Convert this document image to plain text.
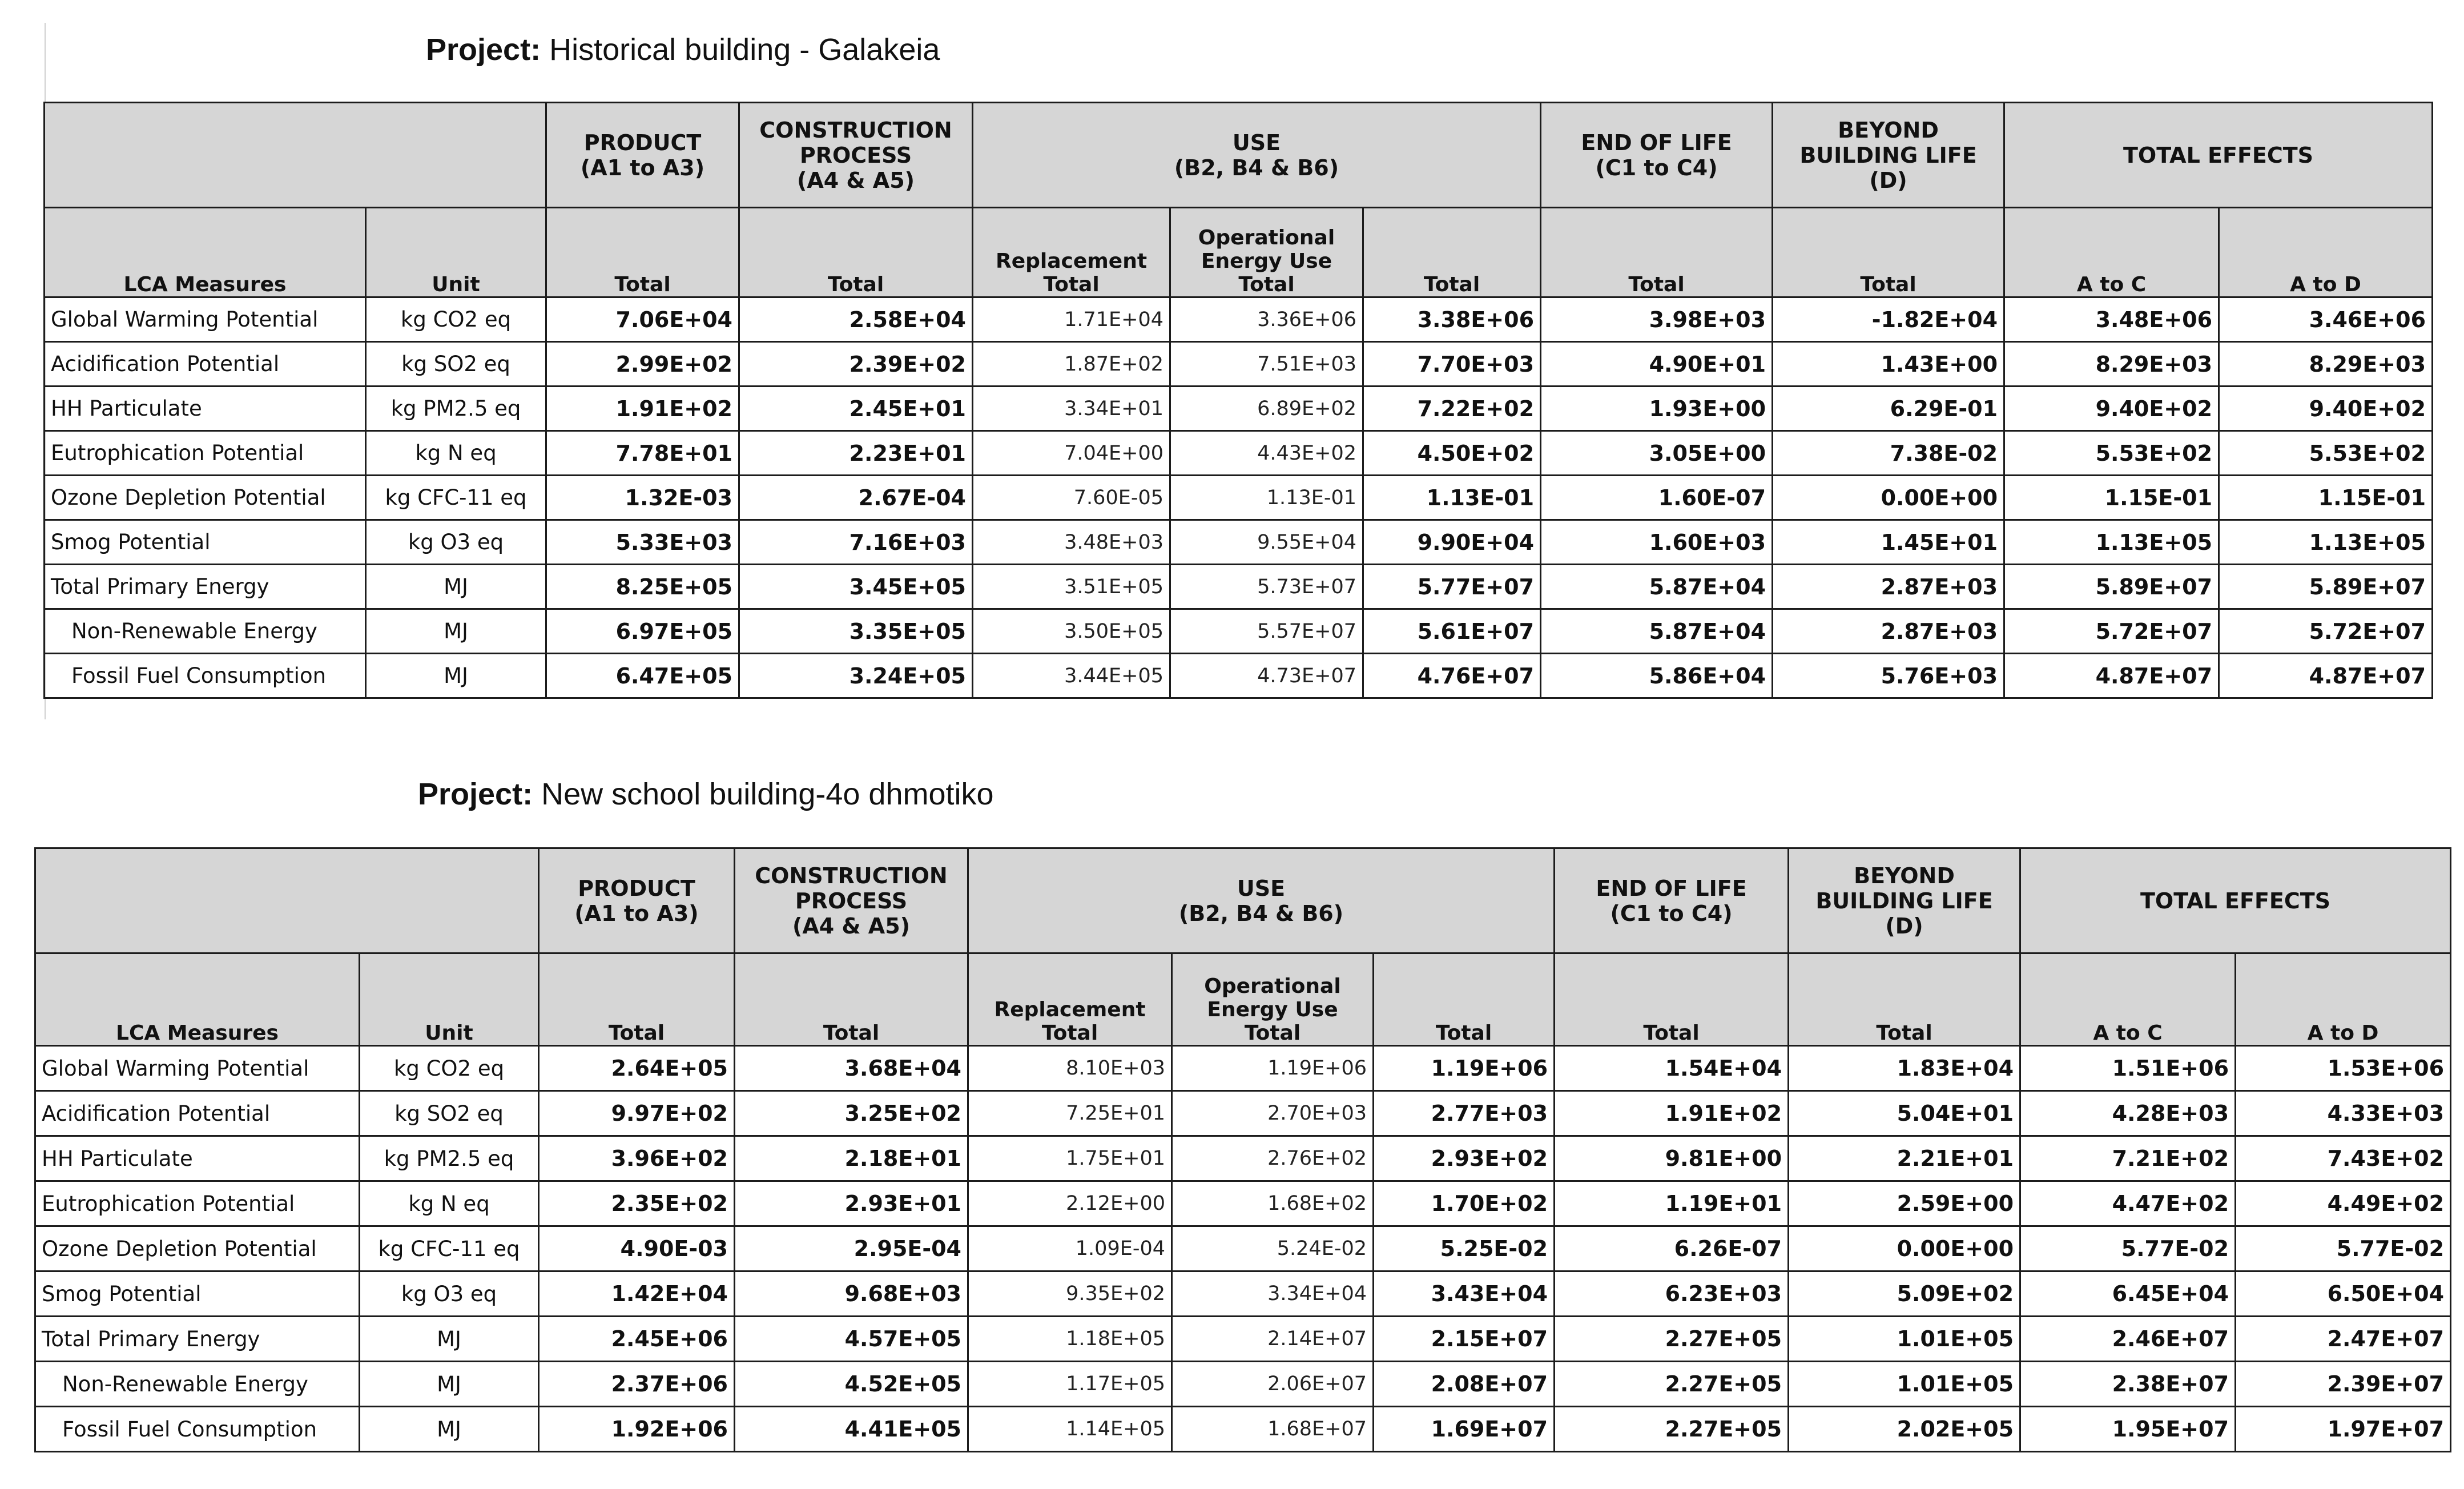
Project: Historical building - Galakeia
		PRODUCT
(A1 to A3)	CONSTRUCTION
PROCESS
(A4 & A5)	USE
(B2, B4 & B6)			END OF LIFE
(C1 to C4)	BEYOND
BUILDING LIFE
(D)	TOTAL EFFECTS	
LCA Measures	Unit	Total	Total	Replacement
Total	Operational
Energy Use
Total	Total	Total	Total	A to C	A to D
Global Warming Potential	kg CO2 eq	7.06E+04	2.58E+04	1.71E+04	3.36E+06	3.38E+06	3.98E+03	-1.82E+04	3.48E+06	3.46E+06
Acidification Potential	kg SO2 eq	2.99E+02	2.39E+02	1.87E+02	7.51E+03	7.70E+03	4.90E+01	1.43E+00	8.29E+03	8.29E+03
HH Particulate	kg PM2.5 eq	1.91E+02	2.45E+01	3.34E+01	6.89E+02	7.22E+02	1.93E+00	6.29E-01	9.40E+02	9.40E+02
Eutrophication Potential	kg N eq	7.78E+01	2.23E+01	7.04E+00	4.43E+02	4.50E+02	3.05E+00	7.38E-02	5.53E+02	5.53E+02
Ozone Depletion Potential	kg CFC-11 eq	1.32E-03	2.67E-04	7.60E-05	1.13E-01	1.13E-01	1.60E-07	0.00E+00	1.15E-01	1.15E-01
Smog Potential	kg O3 eq	5.33E+03	7.16E+03	3.48E+03	9.55E+04	9.90E+04	1.60E+03	1.45E+01	1.13E+05	1.13E+05
Total Primary Energy	MJ	8.25E+05	3.45E+05	3.51E+05	5.73E+07	5.77E+07	5.87E+04	2.87E+03	5.89E+07	5.89E+07
Non-Renewable Energy	MJ	6.97E+05	3.35E+05	3.50E+05	5.57E+07	5.61E+07	5.87E+04	2.87E+03	5.72E+07	5.72E+07
Fossil Fuel Consumption	MJ	6.47E+05	3.24E+05	3.44E+05	4.73E+07	4.76E+07	5.86E+04	5.76E+03	4.87E+07	4.87E+07
Project: New school building-4o dhmotiko
		PRODUCT
(A1 to A3)	CONSTRUCTION
PROCESS
(A4 & A5)	USE
(B2, B4 & B6)			END OF LIFE
(C1 to C4)	BEYOND
BUILDING LIFE
(D)	TOTAL EFFECTS	
LCA Measures	Unit	Total	Total	Replacement
Total	Operational
Energy Use
Total	Total	Total	Total	A to C	A to D
Global Warming Potential	kg CO2 eq	2.64E+05	3.68E+04	8.10E+03	1.19E+06	1.19E+06	1.54E+04	1.83E+04	1.51E+06	1.53E+06
Acidification Potential	kg SO2 eq	9.97E+02	3.25E+02	7.25E+01	2.70E+03	2.77E+03	1.91E+02	5.04E+01	4.28E+03	4.33E+03
HH Particulate	kg PM2.5 eq	3.96E+02	2.18E+01	1.75E+01	2.76E+02	2.93E+02	9.81E+00	2.21E+01	7.21E+02	7.43E+02
Eutrophication Potential	kg N eq	2.35E+02	2.93E+01	2.12E+00	1.68E+02	1.70E+02	1.19E+01	2.59E+00	4.47E+02	4.49E+02
Ozone Depletion Potential	kg CFC-11 eq	4.90E-03	2.95E-04	1.09E-04	5.24E-02	5.25E-02	6.26E-07	0.00E+00	5.77E-02	5.77E-02
Smog Potential	kg O3 eq	1.42E+04	9.68E+03	9.35E+02	3.34E+04	3.43E+04	6.23E+03	5.09E+02	6.45E+04	6.50E+04
Total Primary Energy	MJ	2.45E+06	4.57E+05	1.18E+05	2.14E+07	2.15E+07	2.27E+05	1.01E+05	2.46E+07	2.47E+07
Non-Renewable Energy	MJ	2.37E+06	4.52E+05	1.17E+05	2.06E+07	2.08E+07	2.27E+05	1.01E+05	2.38E+07	2.39E+07
Fossil Fuel Consumption	MJ	1.92E+06	4.41E+05	1.14E+05	1.68E+07	1.69E+07	2.27E+05	2.02E+05	1.95E+07	1.97E+07
